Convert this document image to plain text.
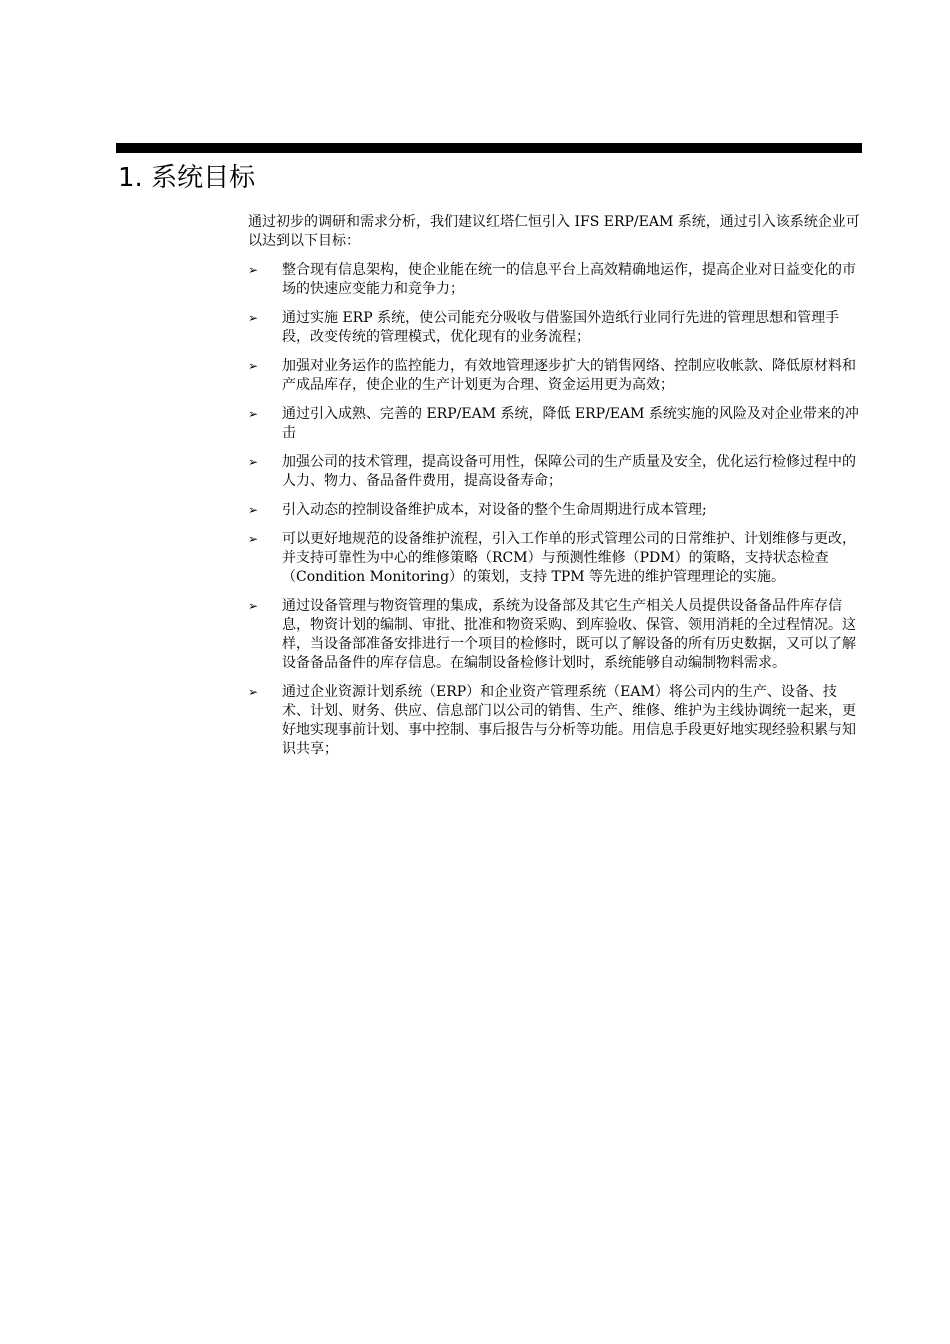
1. 系统目标

通过初步的调研和需求分析，我们建议红塔仁恒引入 IFS ERP/EAM 系统，通过引入该系统企业可以达到以下目标：

➢ 整合现有信息架构，使企业能在统一的信息平台上高效精确地运作，提高企业对日益变化的市场的快速应变能力和竞争力；
➢ 通过实施 ERP 系统，使公司能充分吸收与借鉴国外造纸行业同行先进的管理思想和管理手段，改变传统的管理模式，优化现有的业务流程；
➢ 加强对业务运作的监控能力，有效地管理逐步扩大的销售网络、控制应收帐款、降低原材料和产成品库存，使企业的生产计划更为合理、资金运用更为高效；
➢ 通过引入成熟、完善的 ERP/EAM 系统，降低 ERP/EAM 系统实施的风险及对企业带来的冲击
➢ 加强公司的技术管理，提高设备可用性，保障公司的生产质量及安全，优化运行检修过程中的人力、物力、备品备件费用，提高设备寿命；
➢ 引入动态的控制设备维护成本，对设备的整个生命周期进行成本管理;
➢ 可以更好地规范的设备维护流程，引入工作单的形式管理公司的日常维护、计划维修与更改，并支持可靠性为中心的维修策略（RCM）与预测性维修（PDM）的策略，支持状态检查（Condition Monitoring）的策划，支持 TPM 等先进的维护管理理论的实施。
➢ 通过设备管理与物资管理的集成，系统为设备部及其它生产相关人员提供设备备品件库存信息，物资计划的编制、审批、批准和物资采购、到库验收、保管、领用消耗的全过程情况。这样，当设备部准备安排进行一个项目的检修时，既可以了解设备的所有历史数据，又可以了解设备备品备件的库存信息。在编制设备检修计划时，系统能够自动编制物料需求。
➢ 通过企业资源计划系统（ERP）和企业资产管理系统（EAM）将公司内的生产、设备、技术、计划、财务、供应、信息部门以公司的销售、生产、维修、维护为主线协调统一起来，更好地实现事前计划、事中控制、事后报告与分析等功能。用信息手段更好地实现经验积累与知识共享；
